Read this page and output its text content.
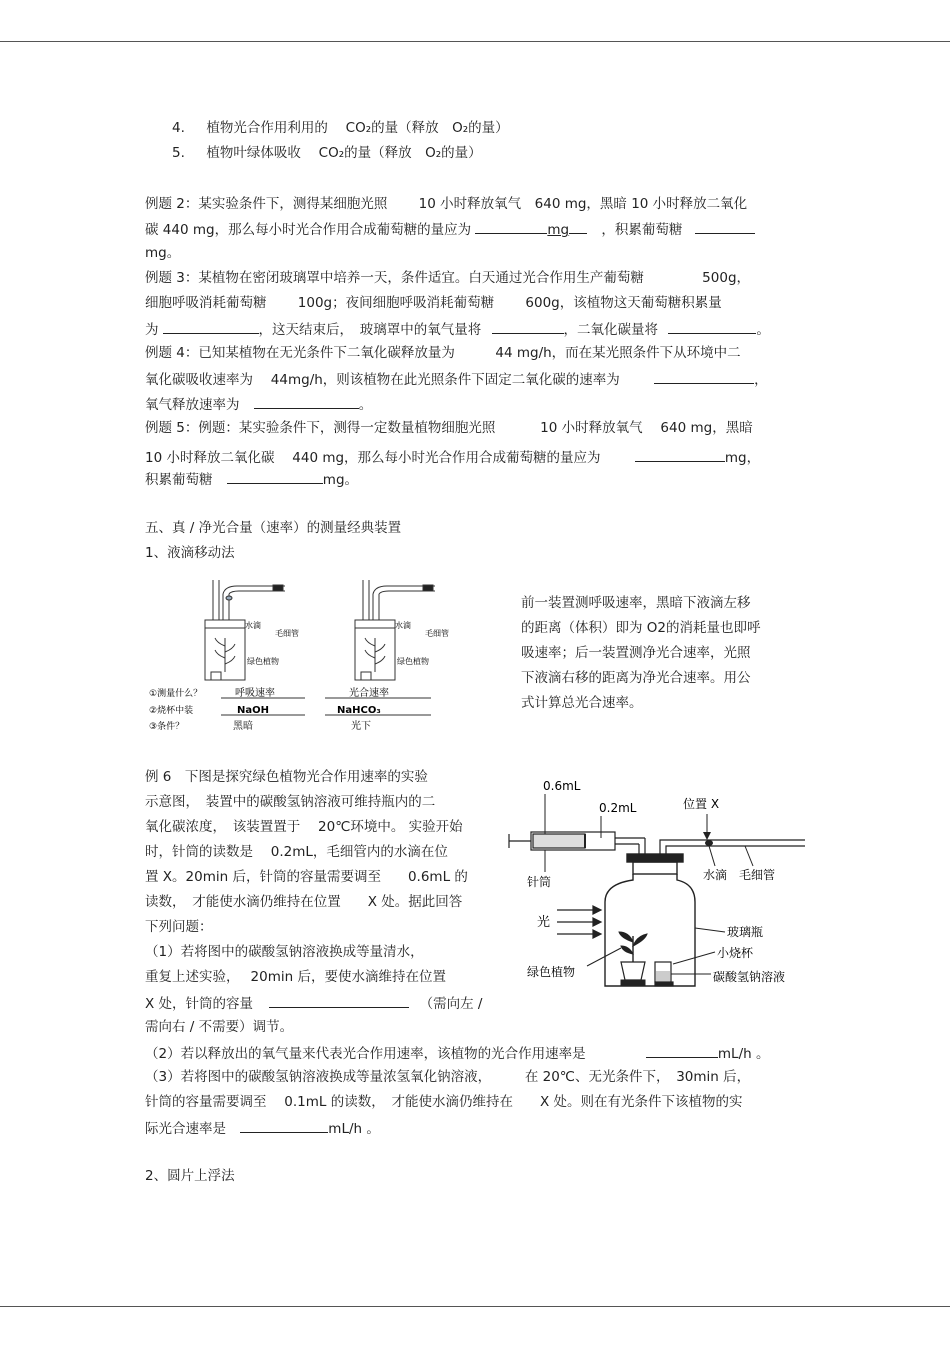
4. 植物光合作用利用的　 CO₂的量（释放　O₂的量）
5. 植物叶绿体吸收　 CO₂的量（释放　O₂的量）
例题 2：某实验条件下，测得某细胞光照　　 10 小时释放氧气　640 mg，黑暗 10 小时释放二氧化
碳 440 mg，那么每小时光合作用合成葡萄糖的量应为	mg ，积累葡萄糖
mg。
例题 3：某植物在密闭玻璃罩中培养一天，条件适宜。白天通过光合作用生产葡萄糖　　　　 500g，
细胞呼吸消耗葡萄糖　　 100g；夜间细胞呼吸消耗葡萄糖　　 600g，该植物这天葡萄糖积累量
为	，这天结束后，　玻璃罩中的氧气量将	，二氧化碳量将	。
例题 4：已知某植物在无光条件下二氧化碳释放量为　　　44 mg/h，而在某光照条件下从环境中二
氧化碳吸收速率为　 44mg/h，则该植物在此光照条件下固定二氧化碳的速率为	，
氧气释放速率为	。
例题 5：例题：某实验条件下，测得一定数量植物细胞光照　　　 10 小时释放氧气　 640 mg，黑暗
10 小时释放二氧化碳　 440 mg，那么每小时光合作用合成葡萄糖的量应为	mg，
积累葡萄糖	mg。
五、真 / 净光合量（速率）的测量经典装置
1、液滴移动法
水滴
毛细管
绿色植物
水滴
毛细管
绿色植物
①测量什么？	呼吸速率	光合速率
②烧杯中装	NaOH	NaHCO₃
③条件？	黑暗	光下
前一装置测呼吸速率，黑暗下液滴左移
的距离（体积）即为 O2的消耗量也即呼
吸速率；后一装置测净光合速率，光照
下液滴右移的距离为净光合速率。用公
式计算总光合速率。
例 6　下图是探究绿色植物光合作用速率的实验
示意图，　装置中的碳酸氢钠溶液可维持瓶内的二
氧化碳浓度，　该装置置于　 20℃环境中。 实验开始
时，针筒的读数是　 0.2mL，毛细管内的水滴在位
置 X。20min 后，针筒的容量需要调至　　0.6mL 的
读数，　才能使水滴仍维持在位置　　X 处。据此回答
下列问题：
（1）若将图中的碳酸氢钠溶液换成等量清水，
重复上述实验，　 20min 后，要使水滴维持在位置
X 处，针筒的容量	（需向左 /
需向右 / 不需要）调节。
（2）若以释放出的氧气量来代表光合作用速率，该植物的光合作用速率是	mL/h 。
（3）若将图中的碳酸氢钠溶液换成等量浓氢氧化钠溶液，　　　在 20℃、无光条件下，　30min 后，
针筒的容量需要调至　 0.1mL 的读数，　才能使水滴仍维持在　　X 处。则在有光条件下该植物的实
际光合速率是	mL/h 。
0.6mL
0.2mL	位置 X
针筒	水滴 毛细管
光
玻璃瓶
小烧杯
绿色植物	碳酸氢钠溶液
2、圆片上浮法
